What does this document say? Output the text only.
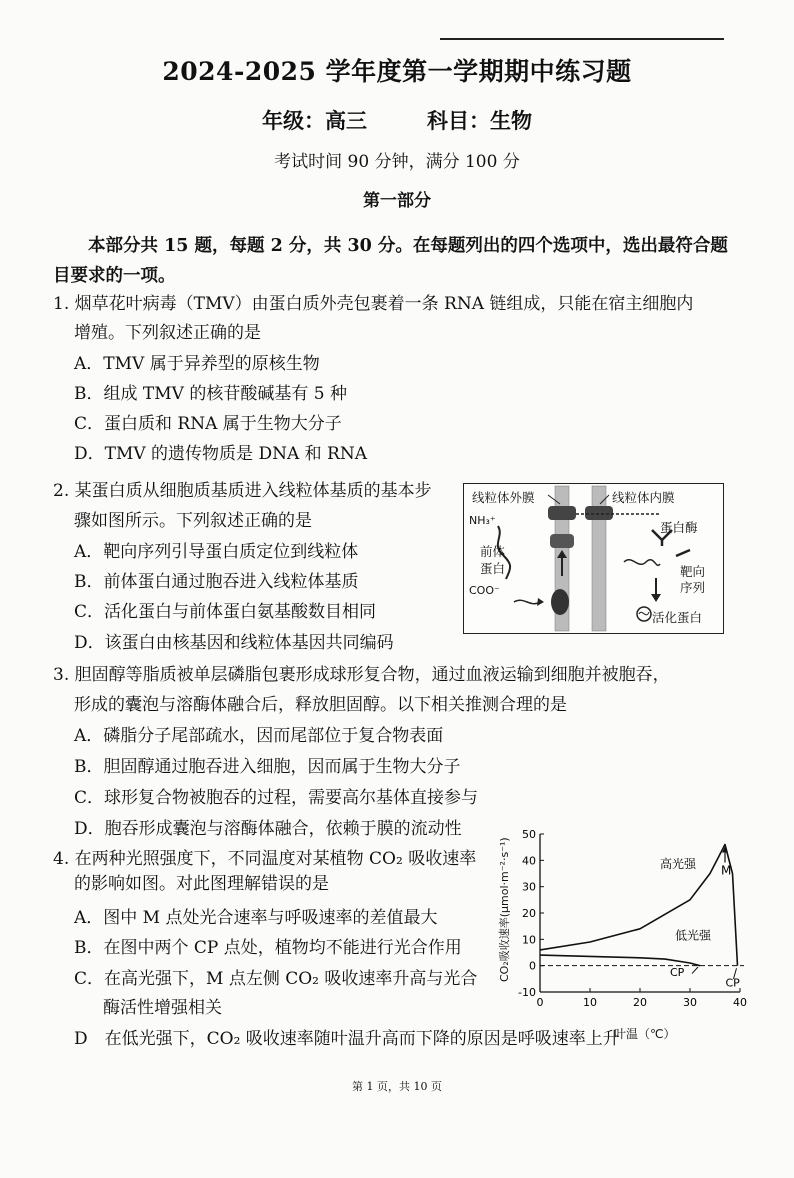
2024-2025 学年度第一学期期中练习题
年级：高三	科目：生物
考试时间 90 分钟，满分 100 分
第一部分
本部分共 15 题，每题 2 分，共 30 分。在每题列出的四个选项中，选出最符合题目要求的一项。
1. 烟草花叶病毒（TMV）由蛋白质外壳包裹着一条 RNA 链组成，只能在宿主细胞内
增殖。下列叙述正确的是
A．TMV 属于异养型的原核生物
B．组成 TMV 的核苷酸碱基有 5 种
C．蛋白质和 RNA 属于生物大分子
D．TMV 的遗传物质是 DNA 和 RNA
2. 某蛋白质从细胞质基质进入线粒体基质的基本步
骤如图所示。下列叙述正确的是
A．靶向序列引导蛋白质定位到线粒体
B．前体蛋白通过胞吞进入线粒体基质
C．活化蛋白与前体蛋白氨基酸数目相同
D．该蛋白由核基因和线粒体基因共同编码
线粒体外膜	线粒体内膜
NH₃⁺
前体
蛋白
COO⁻
蛋白酶
靶向
序列
活化蛋白
3. 胆固醇等脂质被单层磷脂包裹形成球形复合物，通过血液运输到细胞并被胞吞，
形成的囊泡与溶酶体融合后，释放胆固醇。以下相关推测合理的是
A．磷脂分子尾部疏水，因而尾部位于复合物表面
B．胆固醇通过胞吞进入细胞，因而属于生物大分子
C．球形复合物被胞吞的过程，需要高尔基体直接参与
D．胞吞形成囊泡与溶酶体融合，依赖于膜的流动性
4. 在两种光照强度下，不同温度对某植物 CO₂ 吸收速率
的影响如图。对此图理解错误的是
A．图中 M 点处光合速率与呼吸速率的差值最大
B．在图中两个 CP 点处，植物均不能进行光合作用
C．在高光强下，M 点左侧 CO₂ 吸收速率升高与光合
酶活性增强相关
D　在低光强下，CO₂ 吸收速率随叶温升高而下降的原因是呼吸速率上升
50
40
30
20
10
0
-10
0	10	20	30	40
高光强
低光强
M
CP
CP
CO₂吸收速率(μmol·m⁻²·s⁻¹)
叶温（℃）
第 1 页，共 10 页
